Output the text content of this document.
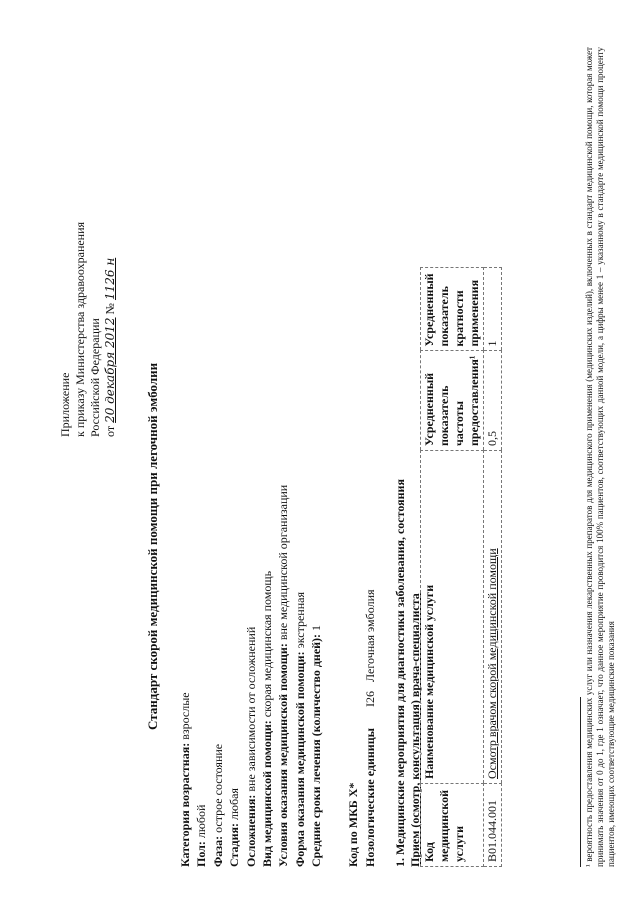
Приложение к приказу Министерства здравоохранения Российской Федерации от 20 декабря 2012 № 1126 н
Стандарт скорой медицинской помощи при легочной эмболии
Категория возрастная: взрослые
Пол: любой
Фаза: острое состояние
Стадия: любая Осложнения: вне зависимости от осложнений
Вид медицинской помощи: скорая медицинская помощь Условия оказания медицинской помощи: вне медицинской организации
Форма оказания медицинской помощи: экстренная
Средние сроки лечения (количество дней): 1
Код по МКБ X* Нозологические единицы
I26   Легочная эмболия 1. Медицинские мероприятия для диагностики заболевания, состояния Прием (осмотр, консультация) врача-специалиста Код медицинской услуги	Наименование медицинской услуги	Усредненный показатель частоты предоставления¹	Усредненный показатель кратности применения
B01.044.001	Осмотр врачом скорой медицинской помощи	0,5	1	¹ вероятность предоставления медицинских услуг или назначения лекарственных препаратов для медицинского применения (медицинских изделий), включенных в стандарт медицинской помощи, которая может принимать значения от 0 до 1, где 1 означает, что данное мероприятие проводится 100% пациентов, соответствующих данной модели, а цифры менее 1 – указанному в стандарте медицинской помощи проценту пациентов, имеющих соответствующие медицинские показания
